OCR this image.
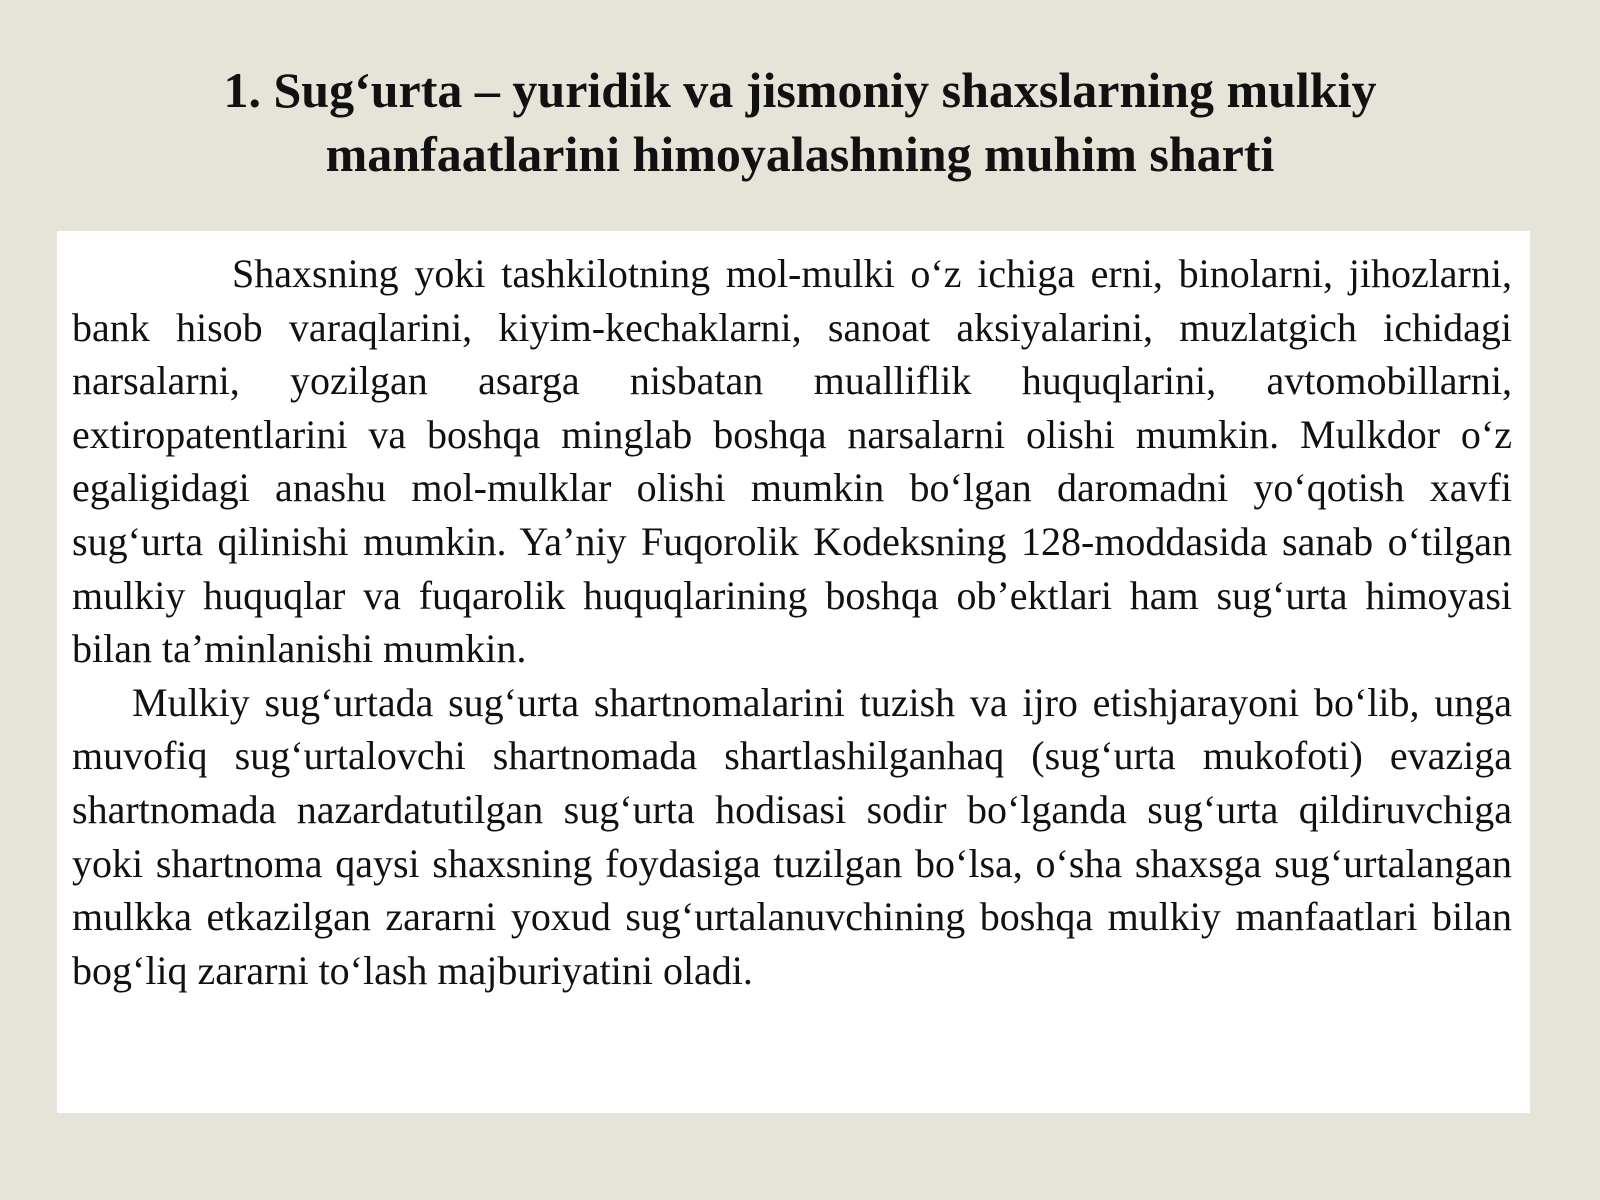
1. Sug‘urta – yuridik va jismoniy shaxslarning mulkiy
manfaatlarini himoyalashning muhim sharti

Shaxsning yoki tashkilotning mol-mulki o‘z ichiga erni, binolarni, jihozlarni, bank hisob varaqlarini, kiyim-kechaklarni, sanoat aksiyalarini, muzlatgich ichidagi narsalarni, yozilgan asarga nisbatan mualliflik huquqlarini, avtomobillarni, extiropatentlarini va boshqa minglab boshqa narsalarni olishi mumkin. Mulkdor o‘z egaligidagi anashu mol-mulklar olishi mumkin bo‘lgan daromadni yo‘qotish xavfi sug‘urta qilinishi mumkin. Ya’niy Fuqorolik Kodeksning 128-moddasida sanab o‘tilgan mulkiy huquqlar va fuqarolik huquqlarining boshqa ob’ektlari ham sug‘urta himoyasi bilan ta’minlanishi mumkin.

Mulkiy sug‘urtada sug‘urta shartnomalarini tuzish va ijro etishjarayoni bo‘lib, unga muvofiq sug‘urtalovchi shartnomada shartlashilganhaq (sug‘urta mukofoti) evaziga shartnomada nazardatutilgan sug‘urta hodisasi sodir bo‘lganda sug‘urta qildiruvchiga yoki shartnoma qaysi shaxsning foydasiga tuzilgan bo‘lsa, o‘sha shaxsga sug‘urtalangan mulkka etkazilgan zararni yoxud sug‘urtalanuvchining boshqa mulkiy manfaatlari bilan bog‘liq zararni to‘lash majburiyatini oladi.
